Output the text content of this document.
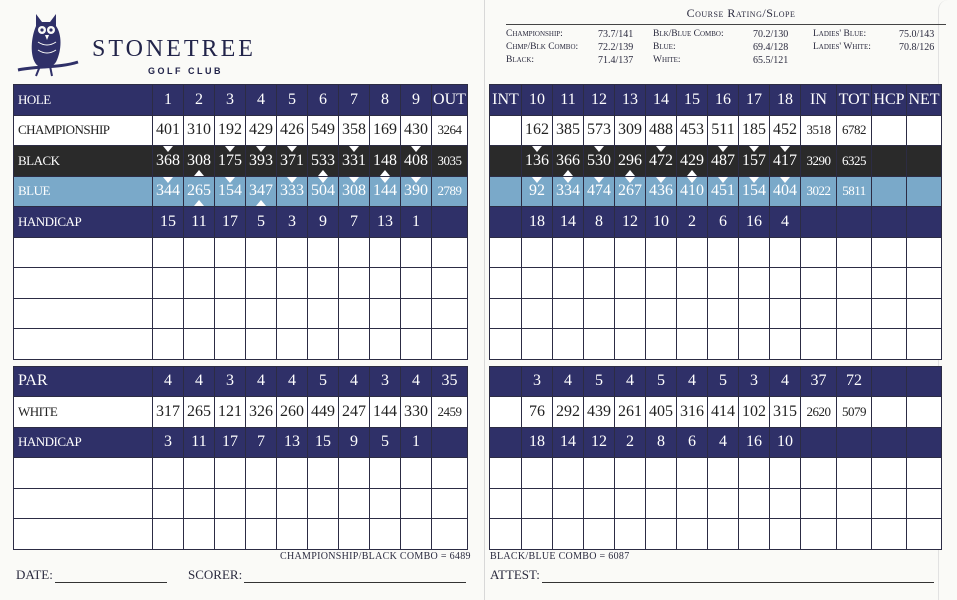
STONETREE
GOLF CLUB
Course Rating/Slope
Championship:	73.7/141	Blk/Blue Combo:	70.2/130	Ladies' Blue:	75.0/143
Chmp/Blk Combo:	72.2/139	Blue:	69.4/128	Ladies' White:	70.8/126
Black:	71.4/137	White:	65.5/121
HOLE	1	2	3	4	5	6	7	8	9	OUT
CHAMPIONSHIP	401	310	192	429	426	549	358	169	430	3264
BLACK	368	308	175	393	371	533	331	148	408	3035
BLUE	344	265	154	347	333	504	308	144	390	2789
HANDICAP	15	11	17	5	3	9	7	13	1	

PAR	4	4	3	4	4	5	4	3	4	35
WHITE	317	265	121	326	260	449	247	144	330	2459
HANDICAP	3	11	17	7	13	15	9	5	1	

INT	10	11	12	13	14	15	16	17	18	IN	TOT	HCP	NET
	162	385	573	309	488	453	511	185	452	3518	6782		
	136	366	530	296	472	429	487	157	417	3290	6325		
	92	334	474	267	436	410	451	154	404	3022	5811		
	18	14	8	12	10	2	6	16	4				

	3	4	5	4	5	4	5	3	4	37	72		
	76	292	439	261	405	316	414	102	315	2620	5079		
	18	14	12	2	8	6	4	16	10				

CHAMPIONSHIP/BLACK COMBO = 6489 BLACK/BLUE COMBO = 6087
DATE:	SCORER:	ATTEST:
